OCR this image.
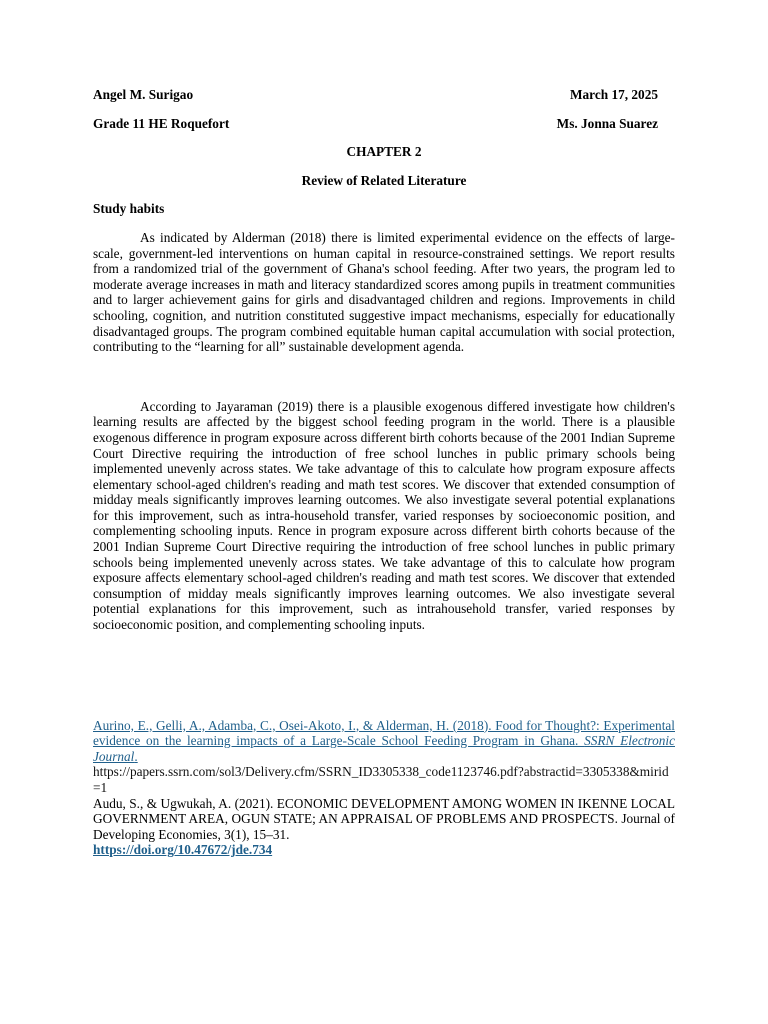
Angel M. Surigao	March 17, 2025
Grade 11 HE Roquefort	Ms. Jonna Suarez
CHAPTER 2
Review of Related Literature
Study habits

As indicated by Alderman (2018) there is limited experimental evidence on the effects of large-scale, government-led interventions on human capital in resource-constrained settings. We report results from a randomized trial of the government of Ghana's school feeding. After two years, the program led to moderate average increases in math and literacy standardized scores among pupils in treatment communities and to larger achievement gains for girls and disadvantaged children and regions. Improvements in child schooling, cognition, and nutrition constituted suggestive impact mechanisms, especially for educationally disadvantaged groups. The program combined equitable human capital accumulation with social protection, contributing to the “learning for all” sustainable development agenda.

According to Jayaraman (2019) there is a plausible exogenous differed investigate how children's learning results are affected by the biggest school feeding program in the world. There is a plausible exogenous difference in program exposure across different birth cohorts because of the 2001 Indian Supreme Court Directive requiring the introduction of free school lunches in public primary schools being implemented unevenly across states. We take advantage of this to calculate how program exposure affects elementary school-aged children's reading and math test scores. We discover that extended consumption of midday meals significantly improves learning outcomes. We also investigate several potential explanations for this improvement, such as intra-household transfer, varied responses by socioeconomic position, and complementing schooling inputs. Rence in program exposure across different birth cohorts because of the 2001 Indian Supreme Court Directive requiring the introduction of free school lunches in public primary schools being implemented unevenly across states. We take advantage of this to calculate how program exposure affects elementary school-aged children's reading and math test scores. We discover that extended consumption of midday meals significantly improves learning outcomes. We also investigate several potential explanations for this improvement, such as intrahousehold transfer, varied responses by socioeconomic position, and complementing schooling inputs.

Aurino, E., Gelli, A., Adamba, C., Osei-Akoto, I., & Alderman, H. (2018). Food for Thought?: Experimental evidence on the learning impacts of a Large-Scale School Feeding Program in Ghana. SSRN Electronic Journal.
https://papers.ssrn.com/sol3/Delivery.cfm/SSRN_ID3305338_code1123746.pdf?abstractid=3305338&mirid=1

Audu, S., & Ugwukah, A. (2021). ECONOMIC DEVELOPMENT AMONG WOMEN IN IKENNE LOCAL GOVERNMENT AREA, OGUN STATE; AN APPRAISAL OF PROBLEMS AND PROSPECTS. Journal of Developing Economies, 3(1), 15–31.
https://doi.org/10.47672/jde.734
